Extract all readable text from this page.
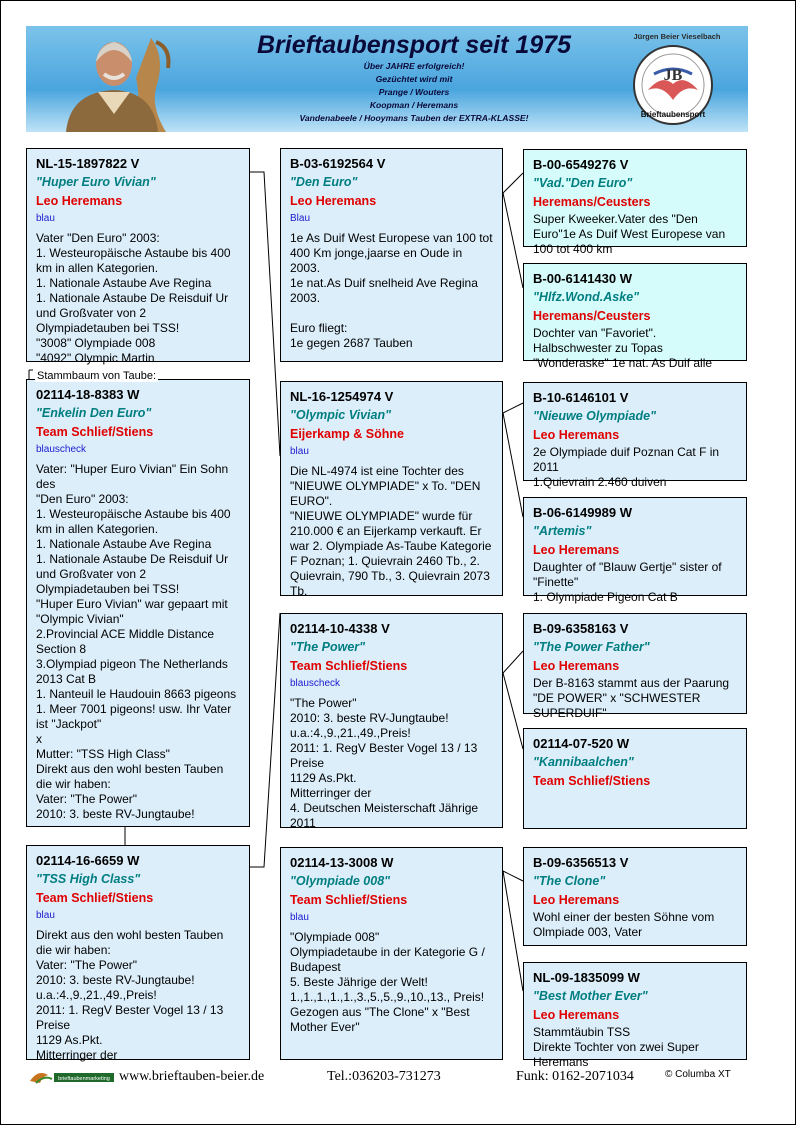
Brieftaubensport seit 1975
Über JAHRE erfolgreich!
Gezüchtet wird mit
Prange / Wouters
Koopman / Heremans
Vandenabeele / Hooymans Tauben der EXTRA-KLASSE!
Jürgen Beier Vieselbach
JB
Brieftaubensport
NL-15-1897822 V
"Huper Euro Vivian"
Leo Heremans
blau
Vater "Den Euro" 2003:
1. Westeuropäische Astaube bis 400 km in allen Kategorien.
1. Nationale Astaube Ave Regina
1. Nationale Astaube De Reisduif Ur und Großvater von 2 Olympiadetauben bei TSS!
"3008" Olympiade 008
"4092" Olympic Martin
02114-18-8383 W
"Enkelin Den Euro"
Team Schlief/Stiens
blauscheck
Vater: "Huper Euro Vivian" Ein Sohn des
"Den Euro" 2003:
1. Westeuropäische Astaube bis 400 km in allen Kategorien.
1. Nationale Astaube Ave Regina
1. Nationale Astaube De Reisduif Ur und Großvater von 2 Olympiadetauben bei TSS!
"Huper Euro Vivian" war gepaart mit "Olympic Vivian"
2.Provincial ACE Middle Distance Section 8
3.Olympiad pigeon The Netherlands 2013 Cat B
1. Nanteuil le Haudouin 8663 pigeons
1. Meer 7001 pigeons! usw. Ihr Vater ist "Jackpot"
x
Mutter: "TSS High Class"
Direkt aus den wohl besten Tauben die wir haben:
Vater: "The Power"
2010: 3. beste RV-Jungtaube!
Stammbaum von Taube:
02114-16-6659 W
"TSS High Class"
Team Schlief/Stiens
blau
Direkt aus den wohl besten Tauben die wir haben:
Vater: "The Power"
2010: 3. beste RV-Jungtaube!
u.a.:4.,9.,21.,49.,Preis!
2011: 1. RegV Bester Vogel 13 / 13 Preise
1129 As.Pkt.
Mitterringer der
B-03-6192564 V
"Den Euro"
Leo Heremans
Blau
1e As Duif West Europese van 100 tot 400 Km jonge,jaarse en Oude in 2003.
1e nat.As Duif snelheid Ave Regina 2003.

Euro fliegt:
1e gegen 2687 Tauben
NL-16-1254974 V
"Olympic Vivian"
Eijerkamp & Söhne
blau
Die NL-4974 ist eine Tochter des "NIEUWE OLYMPIADE" x To. "DEN EURO".
"NIEUWE OLYMPIADE" wurde für 210.000 € an Eijerkamp verkauft. Er war 2. Olympiade As-Taube Kategorie F Poznan; 1. Quievrain 2460 Tb., 2. Quievrain, 790 Tb., 3. Quievrain 2073 Tb.
02114-10-4338 V
"The Power"
Team Schlief/Stiens
blauscheck
"The Power"
2010: 3. beste RV-Jungtaube!
u.a.:4.,9.,21.,49.,Preis!
2011: 1. RegV Bester Vogel 13 / 13 Preise
1129 As.Pkt.
Mitterringer der
4. Deutschen Meisterschaft Jährige 2011
02114-13-3008 W
"Olympiade 008"
Team Schlief/Stiens
blau
"Olympiade 008"
Olympiadetaube in der Kategorie G / Budapest
5. Beste Jährige der Welt!
1.,1.,1.,1.,1.,3.,5.,5.,9.,10.,13., Preis!
Gezogen aus "The Clone" x "Best Mother Ever"
B-00-6549276 V
"Vad."Den Euro"
Heremans/Ceusters
Super Kweeker.Vater des "Den Euro"1e As Duif West Europese van 100 tot 400 km
B-00-6141430 W
"Hlfz.Wond.Aske"
Heremans/Ceusters
Dochter van "Favoriet". Halbschwester zu Topas "Wonderaske" 1e nat. As Duif alle
B-10-6146101 V
"Nieuwe Olympiade"
Leo Heremans
2e Olympiade duif Poznan Cat F in 2011
1.Quievrain 2.460 duiven
B-06-6149989 W
"Artemis"
Leo Heremans
Daughter of "Blauw Gertje" sister of "Finette"
1. Olympiade Pigeon Cat B
B-09-6358163 V
"The Power Father"
Leo Heremans
Der B-8163 stammt aus der Paarung "DE POWER" x "SCHWESTER SUPERDUIF"
02114-07-520 W
"Kannibaalchen"
Team Schlief/Stiens
B-09-6356513 V
"The Clone"
Leo Heremans
Wohl einer der besten Söhne vom Olmpiade 003, Vater
NL-09-1835099 W
"Best Mother Ever"
Leo Heremans
Stammtäubin TSS
Direkte Tochter von zwei Super Heremans
brieftaubenmarketing www.brieftauben-beier.de	Tel.:036203-731273	Funk: 0162-2071034	© Columba XT
